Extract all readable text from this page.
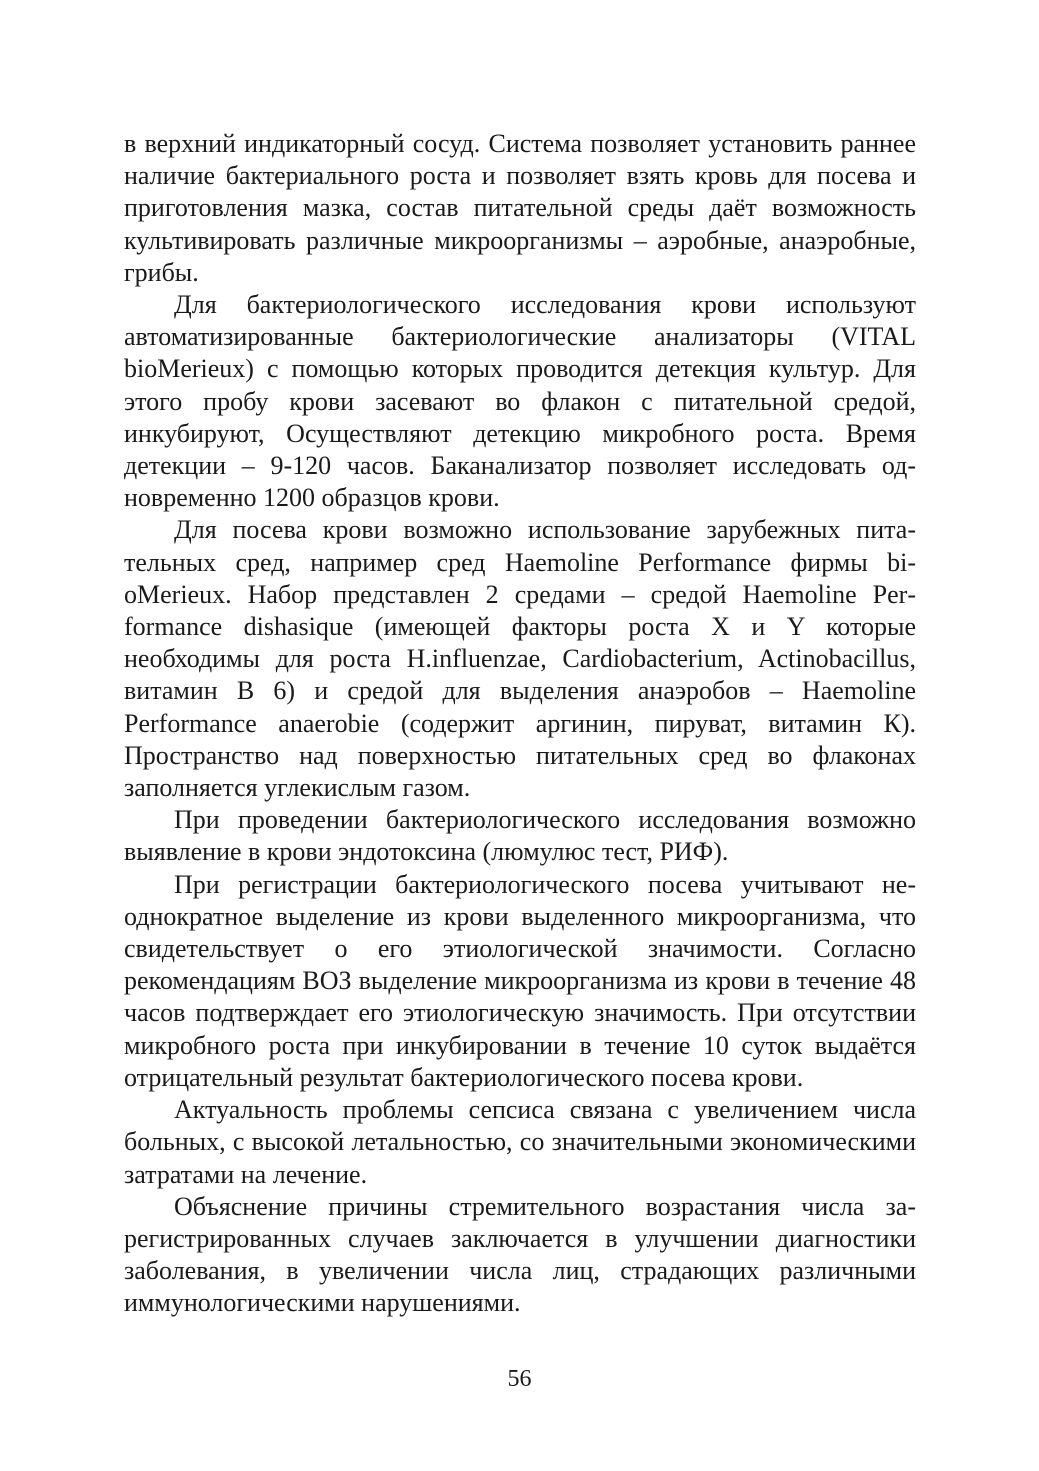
в верхний индикаторный сосуд. Система позволяет установить раннее наличие бактериального роста и позволяет взять кровь для посева и приготовления мазка, состав питательной среды даёт возможность культивировать различные микроорганизмы – аэробные, анаэробные, грибы.

Для бактериологического исследования крови используют автоматизированные бактериологические анализаторы (VITAL bioMerieux) с помощью которых проводится детекция культур. Для этого пробу крови засевают во флакон с питательной средой, инкубируют, Осуществляют детекцию микробного роста. Время детекции – 9-120 часов. Баканализатор позволяет исследовать одновременно 1200 образцов крови.

Для посева крови возможно использование зарубежных питательных сред, например сред Haemoline Performance фирмы bioMerieux. Набор представлен 2 средами – средой Haemoline Performance dishasique (имеющей факторы роста X и Y которые необходимы для роста H.influenzae, Cardiobacterium, Actinobacillus, витамин В 6) и средой для выделения анаэробов – Haemoline Performance anaerobie (содержит аргинин, пируват, витамин К). Пространство над поверхностью питательных сред во флаконах заполняется углекислым газом.

При проведении бактериологического исследования возможно выявление в крови эндотоксина (люмулюс тест, РИФ).

При регистрации бактериологического посева учитывают неоднократное выделение из крови выделенного микроорганизма, что свидетельствует о его этиологической значимости. Согласно рекомендациям ВОЗ выделение микроорганизма из крови в течение 48 часов подтверждает его этиологическую значимость. При отсутствии микробного роста при инкубировании в течение 10 суток выдаётся отрицательный результат бактериологического посева крови.

Актуальность проблемы сепсиса связана с увеличением числа больных, с высокой летальностью, со значительными экономическими затратами на лечение.

Объяснение причины стремительного возрастания числа зарегистрированных случаев заключается в улучшении диагностики заболевания, в увеличении числа лиц, страдающих различными иммунологическими нарушениями.

56
